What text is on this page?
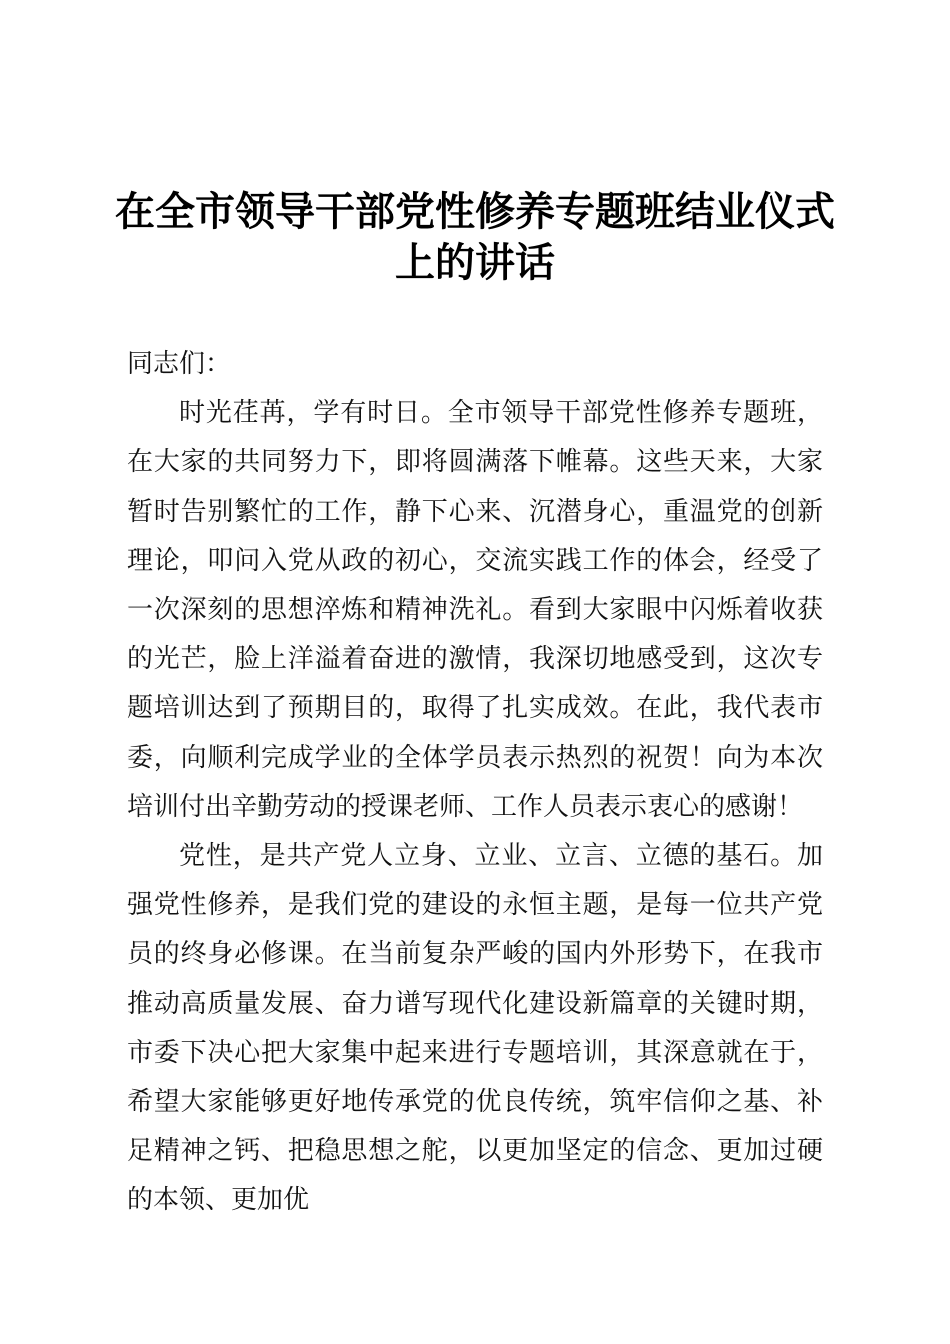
在全市领导干部党性修养专题班结业仪式上的讲话

同志们：

时光荏苒，学有时日。全市领导干部党性修养专题班，在大家的共同努力下，即将圆满落下帷幕。这些天来，大家暂时告别繁忙的工作，静下心来、沉潜身心，重温党的创新理论，叩问入党从政的初心，交流实践工作的体会，经受了一次深刻的思想淬炼和精神洗礼。看到大家眼中闪烁着收获的光芒，脸上洋溢着奋进的激情，我深切地感受到，这次专题培训达到了预期目的，取得了扎实成效。在此，我代表市委，向顺利完成学业的全体学员表示热烈的祝贺！向为本次培训付出辛勤劳动的授课老师、工作人员表示衷心的感谢！

党性，是共产党人立身、立业、立言、立德的基石。加强党性修养，是我们党的建设的永恒主题，是每一位共产党员的终身必修课。在当前复杂严峻的国内外形势下，在我市推动高质量发展、奋力谱写现代化建设新篇章的关键时期，市委下决心把大家集中起来进行专题培训，其深意就在于，希望大家能够更好地传承党的优良传统，筑牢信仰之基、补足精神之钙、把稳思想之舵，以更加坚定的信念、更加过硬的本领、更加优
